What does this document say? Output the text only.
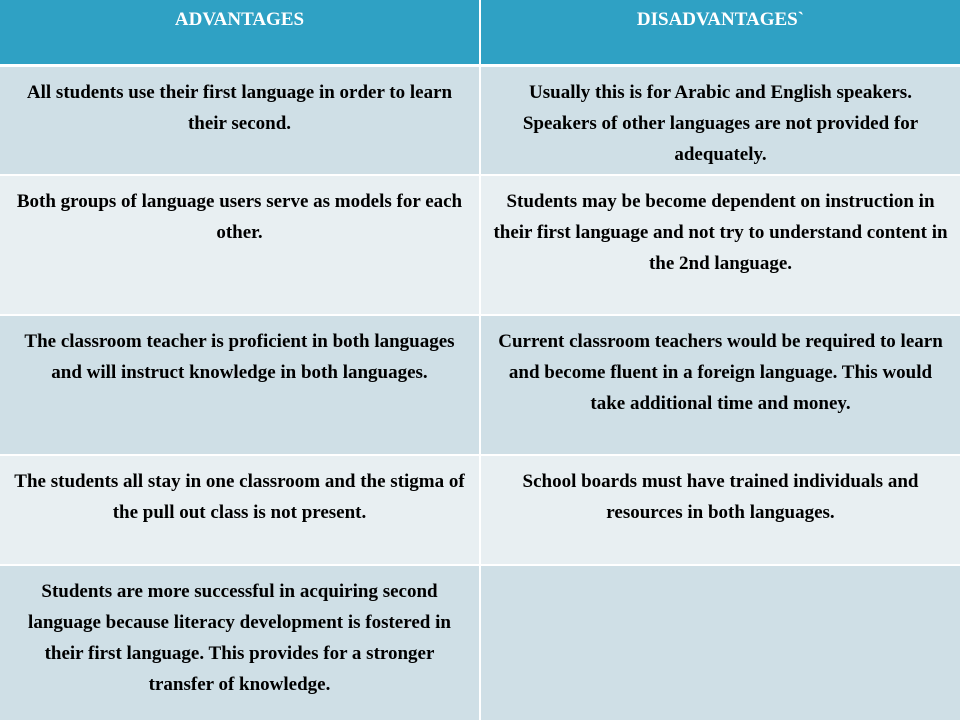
ADVANTAGES	DISADVANTAGES`
All students use their first language in order to learn their second.	Usually this is for Arabic and English speakers. Speakers of other languages are not provided for adequately.
Both groups of language users serve as models for each other.	Students may be become dependent on instruction in their first language and not try to understand content in the 2nd language.
The classroom teacher is proficient in both languages and will instruct knowledge in both languages.	Current classroom teachers would be required to learn and become fluent in a foreign language. This would take additional time and money.
The students all stay in one classroom and the stigma of the pull out class is not present.	School boards must have trained individuals and resources in both languages.
Students are more successful in acquiring second language because literacy development is fostered in their first language. This provides for a stronger transfer of knowledge.	
